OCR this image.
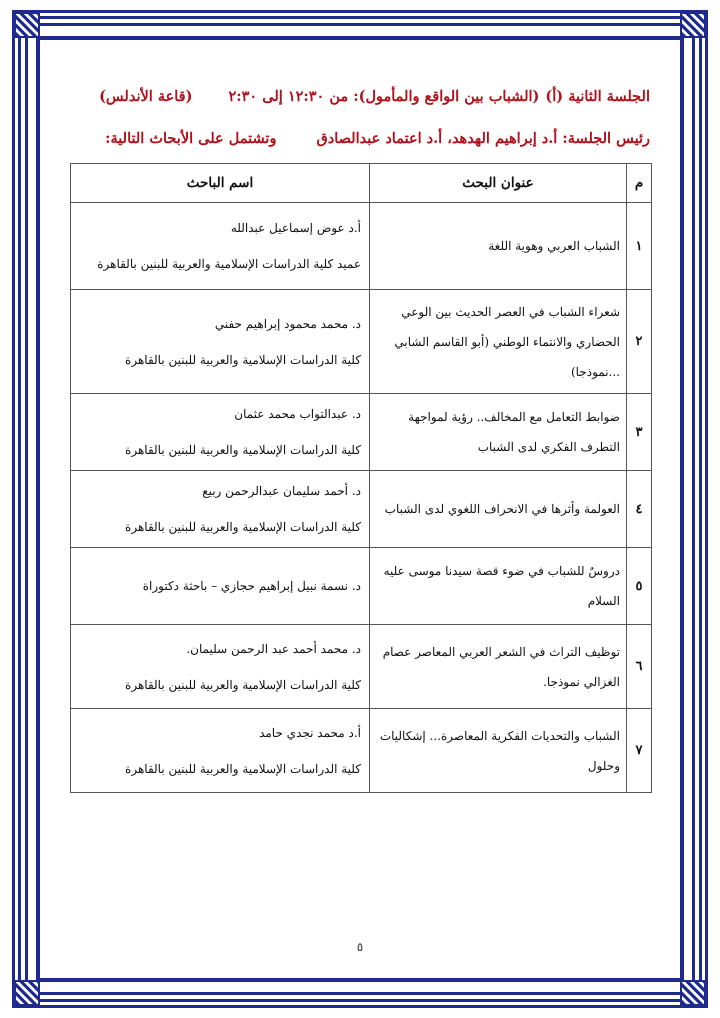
الجلسة الثانية (أ)
(الشباب بين الواقع والمأمول): من ١٢:٣٠ إلى ٢:٣٠
(قاعة الأندلس)
رئيس الجلسة: أ.د إبراهيم الهدهد، أ.د اعتماد عبدالصادق
وتشتمل على الأبحاث التالية:
م	عنوان البحث	اسم الباحث
١	الشباب العربي وهوية اللغة	أ.د عوض إسماعيل عبدالله
عميد كلية الدراسات الإسلامية والعربية للبنين بالقاهرة

٢	شعراء الشباب في العصر الحديث بين الوعي الحضاري والانتماء الوطني (أبو القاسم الشابي ...نموذجا)	د. محمد محمود إبراهيم حفني
كلية الدراسات الإسلامية والعربية للبنين بالقاهرة

٣	ضوابط التعامل مع المخالف.. رؤية لمواجهة التطرف الفكري لدى الشباب	د. عبدالتواب محمد عثمان
كلية الدراسات الإسلامية والعربية للبنين بالقاهرة

٤	العولمة وأثرها في الانحراف اللغوي لدى الشباب	د. أحمد سليمان عبدالرحمن ربيع
كلية الدراسات الإسلامية والعربية للبنين بالقاهرة

٥	دروسٌ للشباب في ضوء قصة سيدنا موسى عليه السلام	د. نسمة نبيل إبراهيم حجازي – باحثة دكتوراة

٦	توظيف التراث في الشعر العربي المعاصر عصام الغزالي نموذجا.	د. محمد أحمد عبد الرحمن سليمان.
كلية الدراسات الإسلامية والعربية للبنين بالقاهرة

٧	الشباب والتحديات الفكرية المعاصرة... إشكاليات وحلول	أ.د محمد نجدي حامد
كلية الدراسات الإسلامية والعربية للبنين بالقاهرة
٥
